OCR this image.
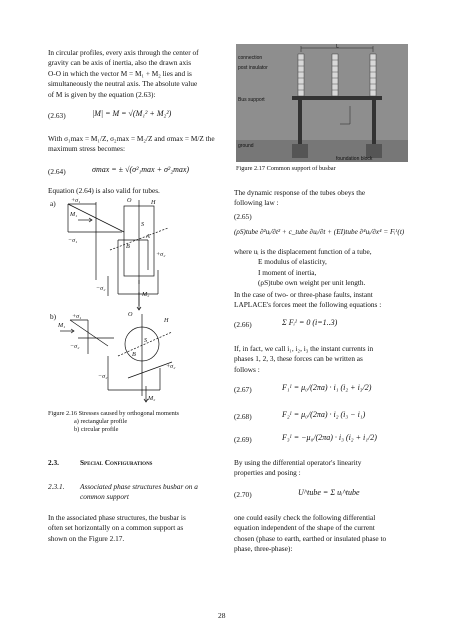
In circular profiles, every axis through the center of

gravity can be axis of inertia, also the drawn axis

O-O in which the vector M = M₁ + M₂ lies and is

simultaneously the neutral axis. The absolute value

of M is given by the equation (2.63):

(2.63)	|M| = M = √(M₁² + M₂²)

With σ₁max = M₁/Z, σ₂max = M₂/Z and σmax = M/Z the

maximum stress becomes:

(2.64)	σmax = ± √(σ²₁max + σ²₂max)
Equation (2.64) is also valid for tubes.
a)
b)
+σ₁
M₁
−σ₁
O	H
S
A
B
+σ₂
−σ₂
M₂
+σ₁
M₁
−σ₂
O
H
S
B
+σ₂
−σ₂
M₂
Figure 2.16 Stresses caused by orthogonal moments
a) rectangular profile
b) circular profile
2.3.	Special Configurations

2.3.1.	Associated phase structures busbar on a

common support

In the associated phase structures, the busbar is

often set horizontally on a common support as

shown on the Figure 2.17.

connection
post insulator
Bus support
ground
foundation block
L
Figure 2.17 Common support of busbar

The dynamic response of the tubes obeys the

following law :

(2.65)
(ρS)tube ∂²uᵢ/∂t² + c_tube ∂uᵢ/∂t + (EI)tube ∂⁴uᵢ/∂x⁴ = Fᵢᴵ(t)

where uᵢ is the displacement function of a tube,

E modulus of elasticity,

I moment of inertia,

(ρS)tube own weight per unit length.

In the case of two- or three-phase faults, instant

LAPLACE's forces meet the following equations :

(2.66)	Σ Fᵢᴵ = 0 (i=1..3)

If, in fact, we call i₁, i₂, i₃ the instant currents in

phases 1, 2, 3, these forces can be written as

follows :

(2.67)	F₁ᴵ = μ₀/(2πa) · i₁ (i₂ + i₃/2)
(2.68)	F₂ᴵ = μ₀/(2πa) · i₂ (i₃ − i₁)
(2.69)	F₃ᴵ = −μ₀/(2πa) · i₃ (i₂ + i₁/2)

By using the differential operator's linearity

properties and posing :

(2.70)	U^tube = Σ uᵢ^tube

one could easily check the following differential

equation independent of the shape of the current

chosen (phase to earth, earthed or insulated phase to

phase, three-phase):

28
